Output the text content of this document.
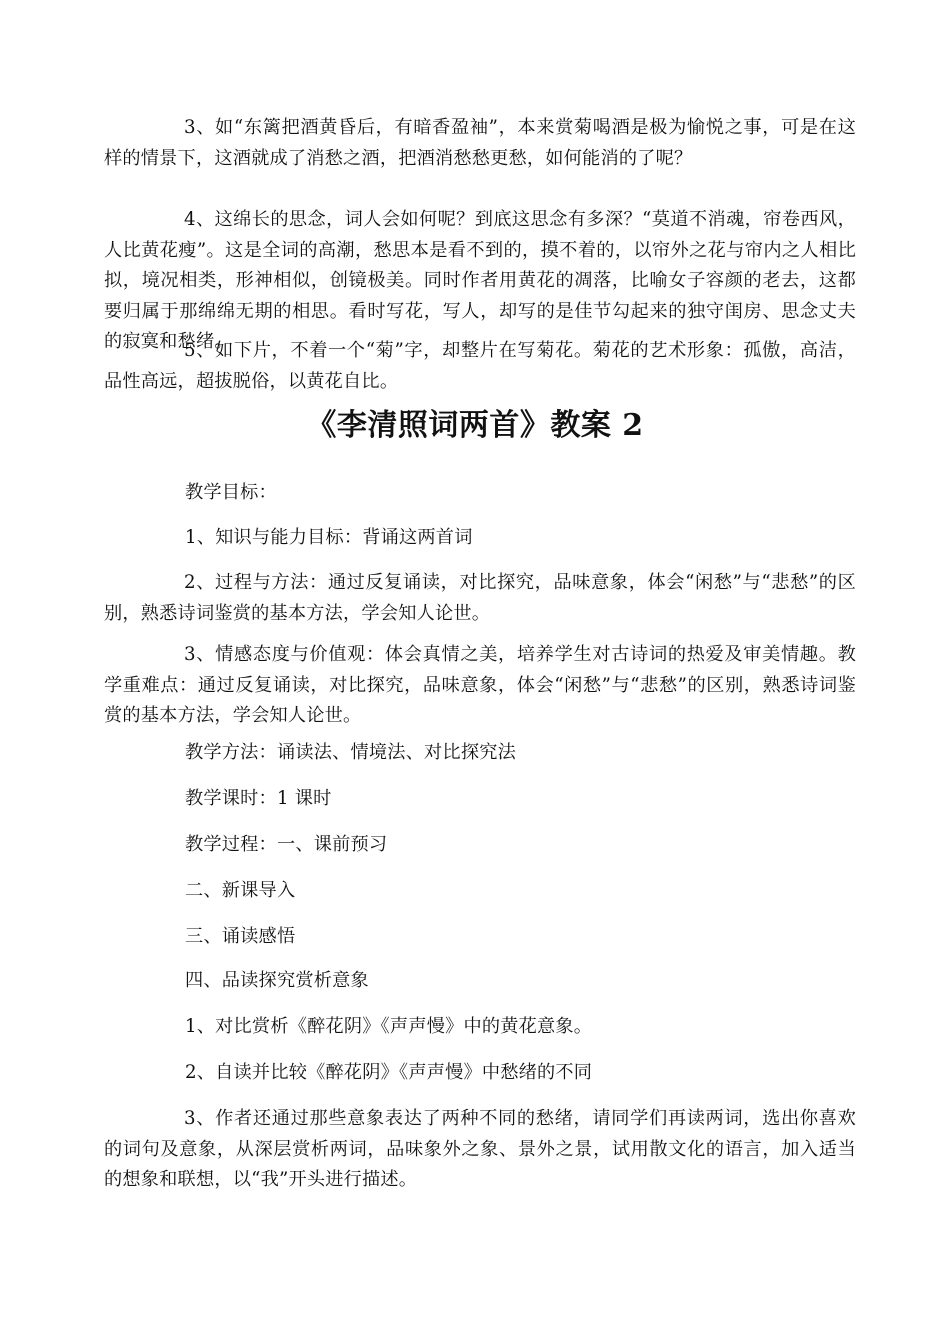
3、如“东篱把酒黄昏后，有暗香盈袖”，本来赏菊喝酒是极为愉悦之事，可是在这样的情景下，这酒就成了消愁之酒，把酒消愁愁更愁，如何能消的了呢？

4、这绵长的思念，词人会如何呢？到底这思念有多深？“莫道不消魂，帘卷西风，人比黄花瘦”。这是全词的高潮，愁思本是看不到的，摸不着的，以帘外之花与帘内之人相比拟，境况相类，形神相似，创镜极美。同时作者用黄花的凋落，比喻女子容颜的老去，这都要归属于那绵绵无期的相思。看时写花，写人，却写的是佳节勾起来的独守闺房、思念丈夫的寂寞和愁绪。

5、如下片，不着一个“菊”字，却整片在写菊花。菊花的艺术形象：孤傲，高洁，品性高远，超拔脱俗，以黄花自比。

《李清照词两首》教案 2

教学目标：

1、知识与能力目标：背诵这两首词

2、过程与方法：通过反复诵读，对比探究，品味意象，体会“闲愁”与“悲愁”的区别，熟悉诗词鉴赏的基本方法，学会知人论世。

3、情感态度与价值观：体会真情之美，培养学生对古诗词的热爱及审美情趣。教学重难点：通过反复诵读，对比探究，品味意象，体会“闲愁”与“悲愁”的区别，熟悉诗词鉴赏的基本方法，学会知人论世。

教学方法：诵读法、情境法、对比探究法

教学课时：1 课时

教学过程：一、课前预习

二、新课导入

三、诵读感悟

四、品读探究赏析意象

1、对比赏析《醉花阴》《声声慢》中的黄花意象。

2、自读并比较《醉花阴》《声声慢》中愁绪的不同

3、作者还通过那些意象表达了两种不同的愁绪，请同学们再读两词，选出你喜欢的词句及意象，从深层赏析两词，品味象外之象、景外之景，试用散文化的语言，加入适当的想象和联想，以“我”开头进行描述。
